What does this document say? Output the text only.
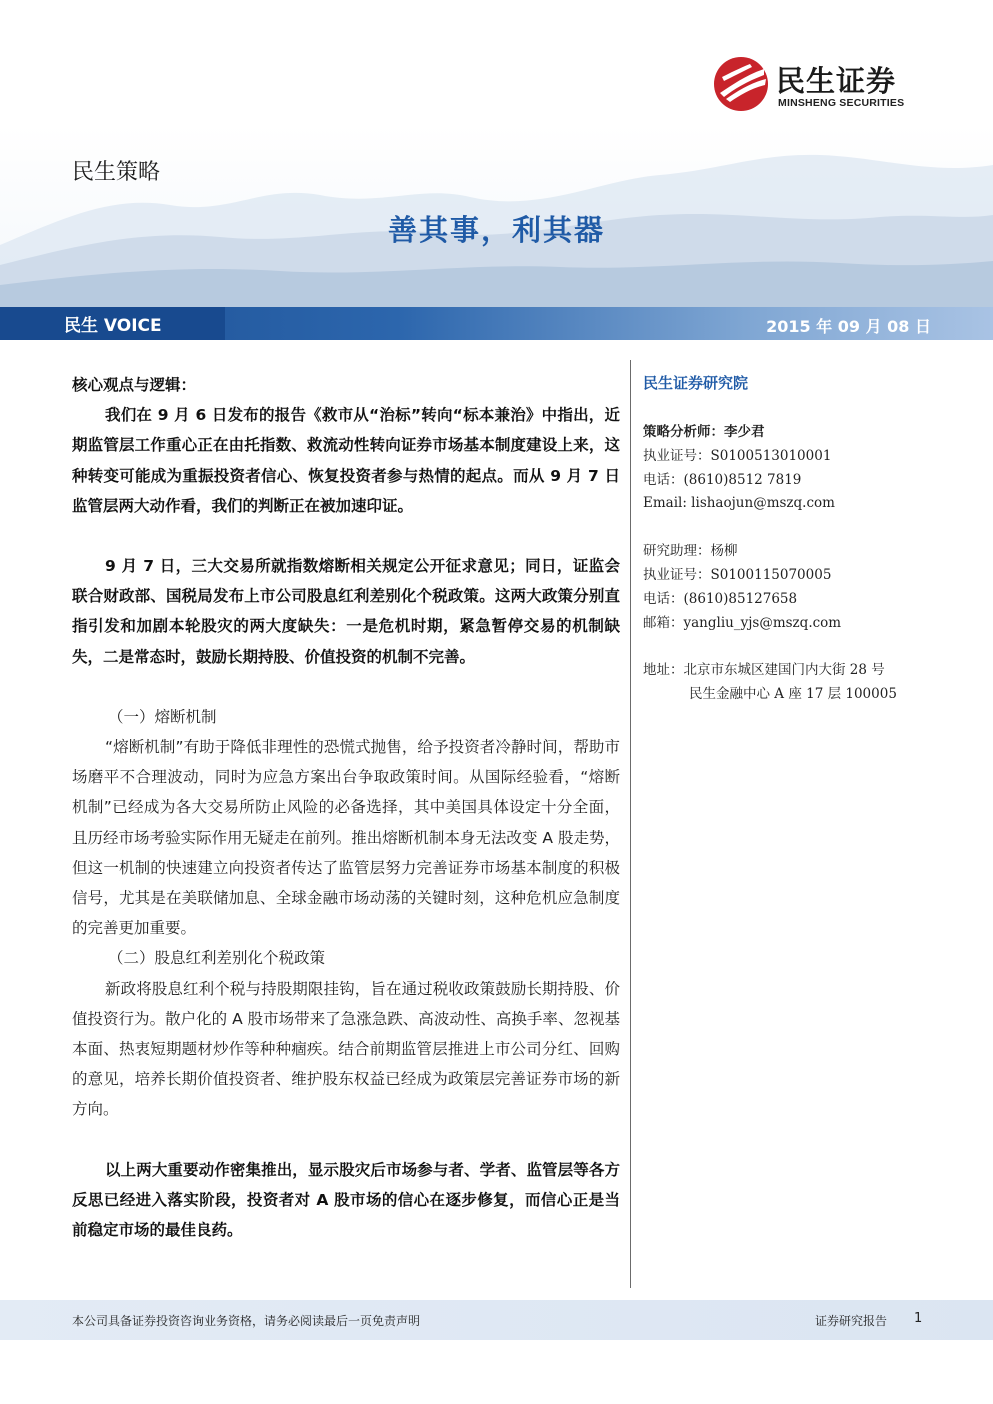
民生证券
MINSHENG SECURITIES
民生策略
善其事，利其器
民生 VOICE	2015 年 09 月 08 日
核心观点与逻辑：
我们在 9 月 6 日发布的报告《救市从“治标”转向“标本兼治》中指出，近期监管层工作重心正在由托指数、救流动性转向证券市场基本制度建设上来，这种转变可能成为重振投资者信心、恢复投资者参与热情的起点。而从 9 月 7 日监管层两大动作看，我们的判断正在被加速印证。
9 月 7 日，三大交易所就指数熔断相关规定公开征求意见；同日，证监会联合财政部、国税局发布上市公司股息红利差别化个税政策。这两大政策分别直指引发和加剧本轮股灾的两大度缺失：一是危机时期，紧急暂停交易的机制缺失，二是常态时，鼓励长期持股、价值投资的机制不完善。
（一）熔断机制
“熔断机制”有助于降低非理性的恐慌式抛售，给予投资者冷静时间，帮助市场磨平不合理波动，同时为应急方案出台争取政策时间。从国际经验看，“熔断机制”已经成为各大交易所防止风险的必备选择，其中美国具体设定十分全面，且历经市场考验实际作用无疑走在前列。推出熔断机制本身无法改变 A 股走势，但这一机制的快速建立向投资者传达了监管层努力完善证券市场基本制度的积极信号，尤其是在美联储加息、全球金融市场动荡的关键时刻，这种危机应急制度的完善更加重要。
（二）股息红利差别化个税政策
新政将股息红利个税与持股期限挂钩，旨在通过税收政策鼓励长期持股、价值投资行为。散户化的 A 股市场带来了急涨急跌、高波动性、高换手率、忽视基本面、热衷短期题材炒作等种种痼疾。结合前期监管层推进上市公司分红、回购的意见，培养长期价值投资者、维护股东权益已经成为政策层完善证券市场的新方向。
以上两大重要动作密集推出，显示股灾后市场参与者、学者、监管层等各方反思已经进入落实阶段，投资者对 A 股市场的信心在逐步修复，而信心正是当前稳定市场的最佳良药。
民生证券研究院
策略分析师：李少君
执业证号：S0100513010001
电话：(8610)8512 7819
Email: lishaojun@mszq.com
研究助理：杨柳
执业证号：S0100115070005
电话：(8610)85127658
邮箱：yangliu_yjs@mszq.com
地址：北京市东城区建国门内大街 28 号
民生金融中心 A 座 17 层 100005
本公司具备证券投资咨询业务资格，请务必阅读最后一页免责声明	证券研究报告 1
